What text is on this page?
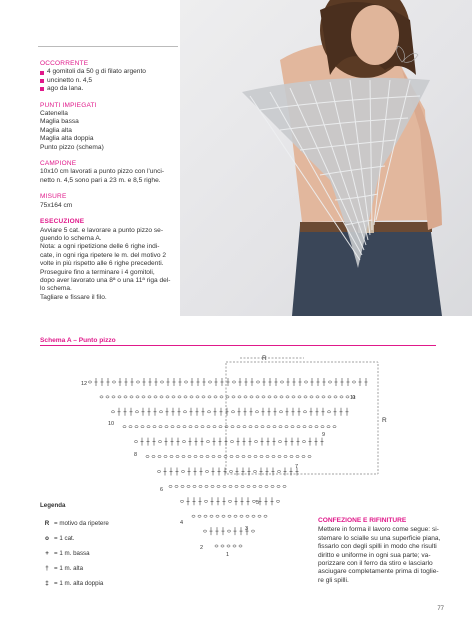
OCCORRENTE
4 gomitoli da 50 g di filato argento
uncinetto n. 4,5
ago da lana.
PUNTI IMPIEGATI
Catenella
Maglia bassa
Maglia alta
Maglia alta doppia
Punto pizzo (schema)
CAMPIONE
10x10 cm lavorati a punto pizzo con l'unci-
netto n. 4,5 sono pari a 23 m. e 8,5 righe.
MISURE
75x164 cm
ESECUZIONE
Avviare 5 cat. e lavorare a punto pizzo se-
guendo lo schema A.
Nota: a ogni ripetizione delle 6 righe indi-
cate, in ogni riga ripetere le m. del motivo 2
volte in più rispetto alle 6 righe precedenti.
Proseguire fino a terminare i 4 gomitoli,
dopo aver lavorato una 8ª o una 11ª riga del-
lo schema.
Tagliare e fissare il filo.
Schema A – Punto pizzo
R
R
12
11
10
9
8
7
6
5
4
3
2
1
Legenda
R = motivo da ripetere
o = 1 cat.
+ = 1 m. bassa
† = 1 m. alta
‡ = 1 m. alta doppia
CONFEZIONE E RIFINITURE
Mettere in forma il lavoro come segue: si-
stemare lo scialle su una superficie piana,
fissarlo con degli spilli in modo che risulti
diritto e uniforme in ogni sua parte; va-
porizzare con il ferro da stiro e lasciarlo
asciugare completamente prima di toglie-
re gli spilli.
77
